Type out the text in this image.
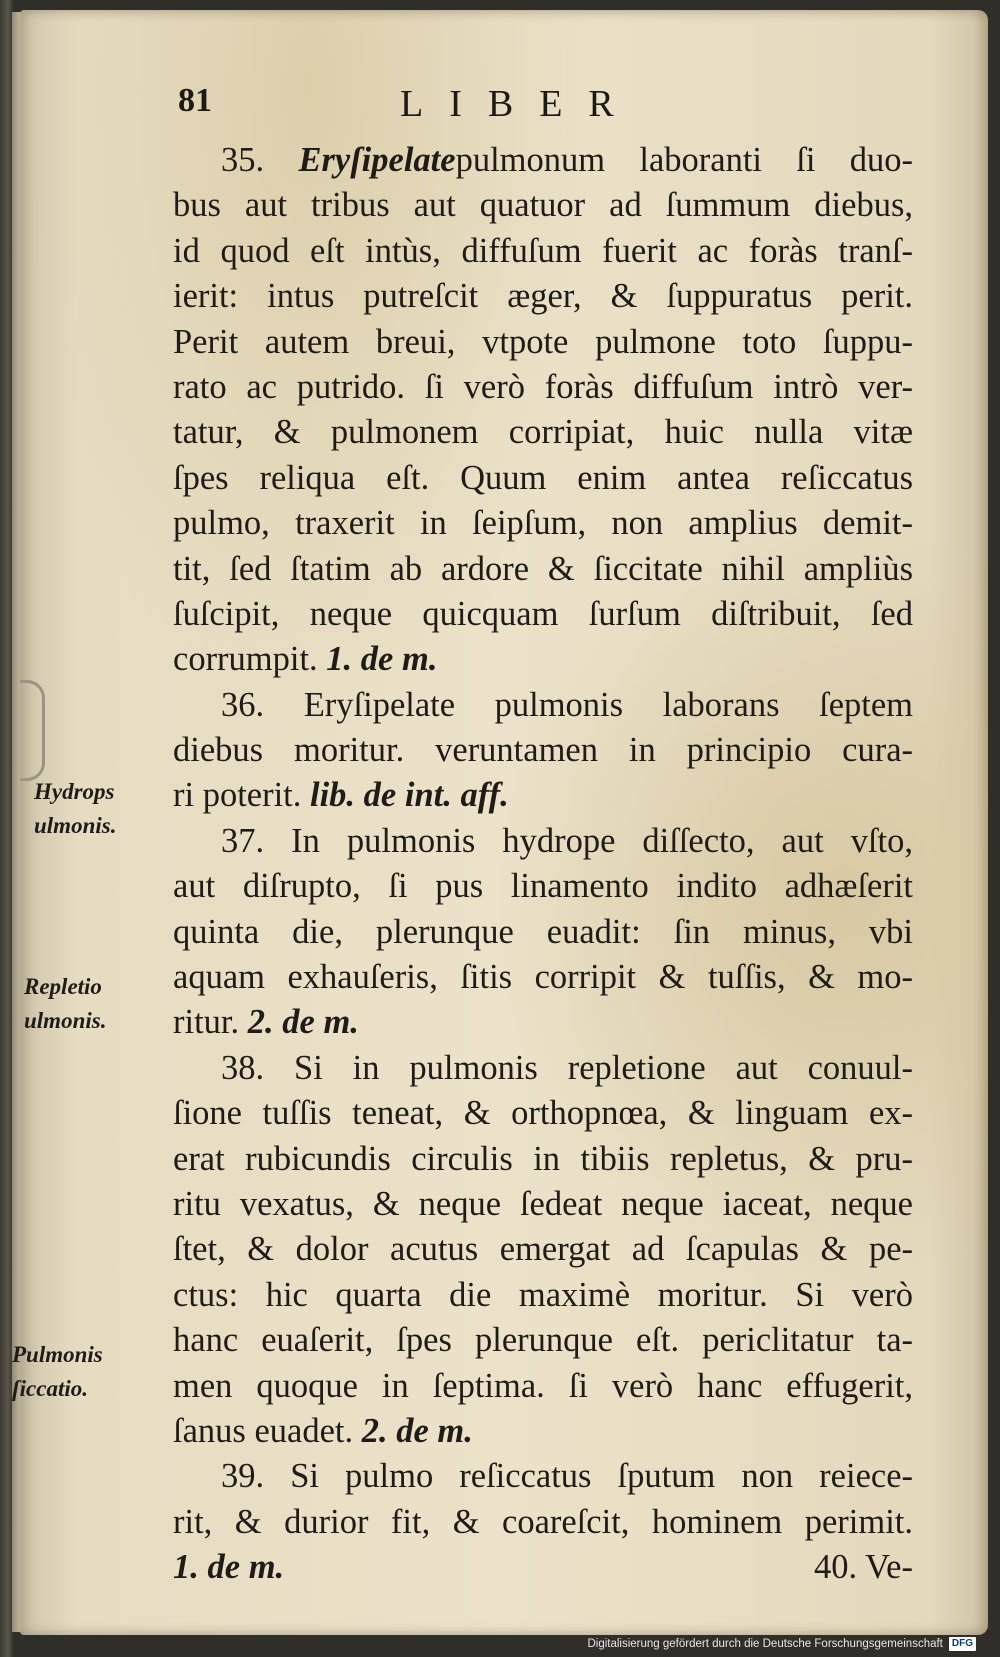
81	LIBER
Hydrops
ulmonis.
Repletio
ulmonis.
Pulmonis
ſiccatio.
35. Eryſipelatepulmonum laboranti ſi duo-
bus aut tribus aut quatuor ad ſummum diebus,
id quod eſt intùs, diffuſum fuerit ac foràs tranſ-
ierit: intus putreſcit æger, & ſuppuratus perit.
Perit autem breui, vtpote pulmone toto ſuppu-
rato ac putrido. ſi verò foràs diffuſum intrò ver-
tatur, & pulmonem corripiat, huic nulla vitæ
ſpes reliqua eſt. Quum enim antea reſiccatus
pulmo, traxerit in ſeipſum, non amplius demit-
tit, ſed ſtatim ab ardore & ſiccitate nihil ampliùs
ſuſcipit, neque quicquam ſurſum diſtribuit, ſed
corrumpit. 1. de m.
36. Eryſipelate pulmonis laborans ſeptem
diebus moritur. veruntamen in principio cura-
ri poterit. lib. de int. aff.
37. In pulmonis hydrope diſſecto, aut vſto,
aut diſrupto, ſi pus linamento indito adhæſerit
quinta die, plerunque euadit: ſin minus, vbi
aquam exhauſeris, ſitis corripit & tuſſis, & mo-
ritur. 2. de m.
38. Si in pulmonis repletione aut conuul-
ſione tuſſis teneat, & orthopnœa, & linguam ex-
erat rubicundis circulis in tibiis repletus, & pru-
ritu vexatus, & neque ſedeat neque iaceat, neque
ſtet, & dolor acutus emergat ad ſcapulas & pe-
ctus: hic quarta die maximè moritur. Si verò
hanc euaſerit, ſpes plerunque eſt. periclitatur ta-
men quoque in ſeptima. ſi verò hanc effugerit,
ſanus euadet. 2. de m.
39. Si pulmo reſiccatus ſputum non reiece-
rit, & durior fit, & coareſcit, hominem perimit.
1. de m.	40. Ve-
Digitalisierung gefördert durch die Deutsche Forschungsgemeinschaft DFG
